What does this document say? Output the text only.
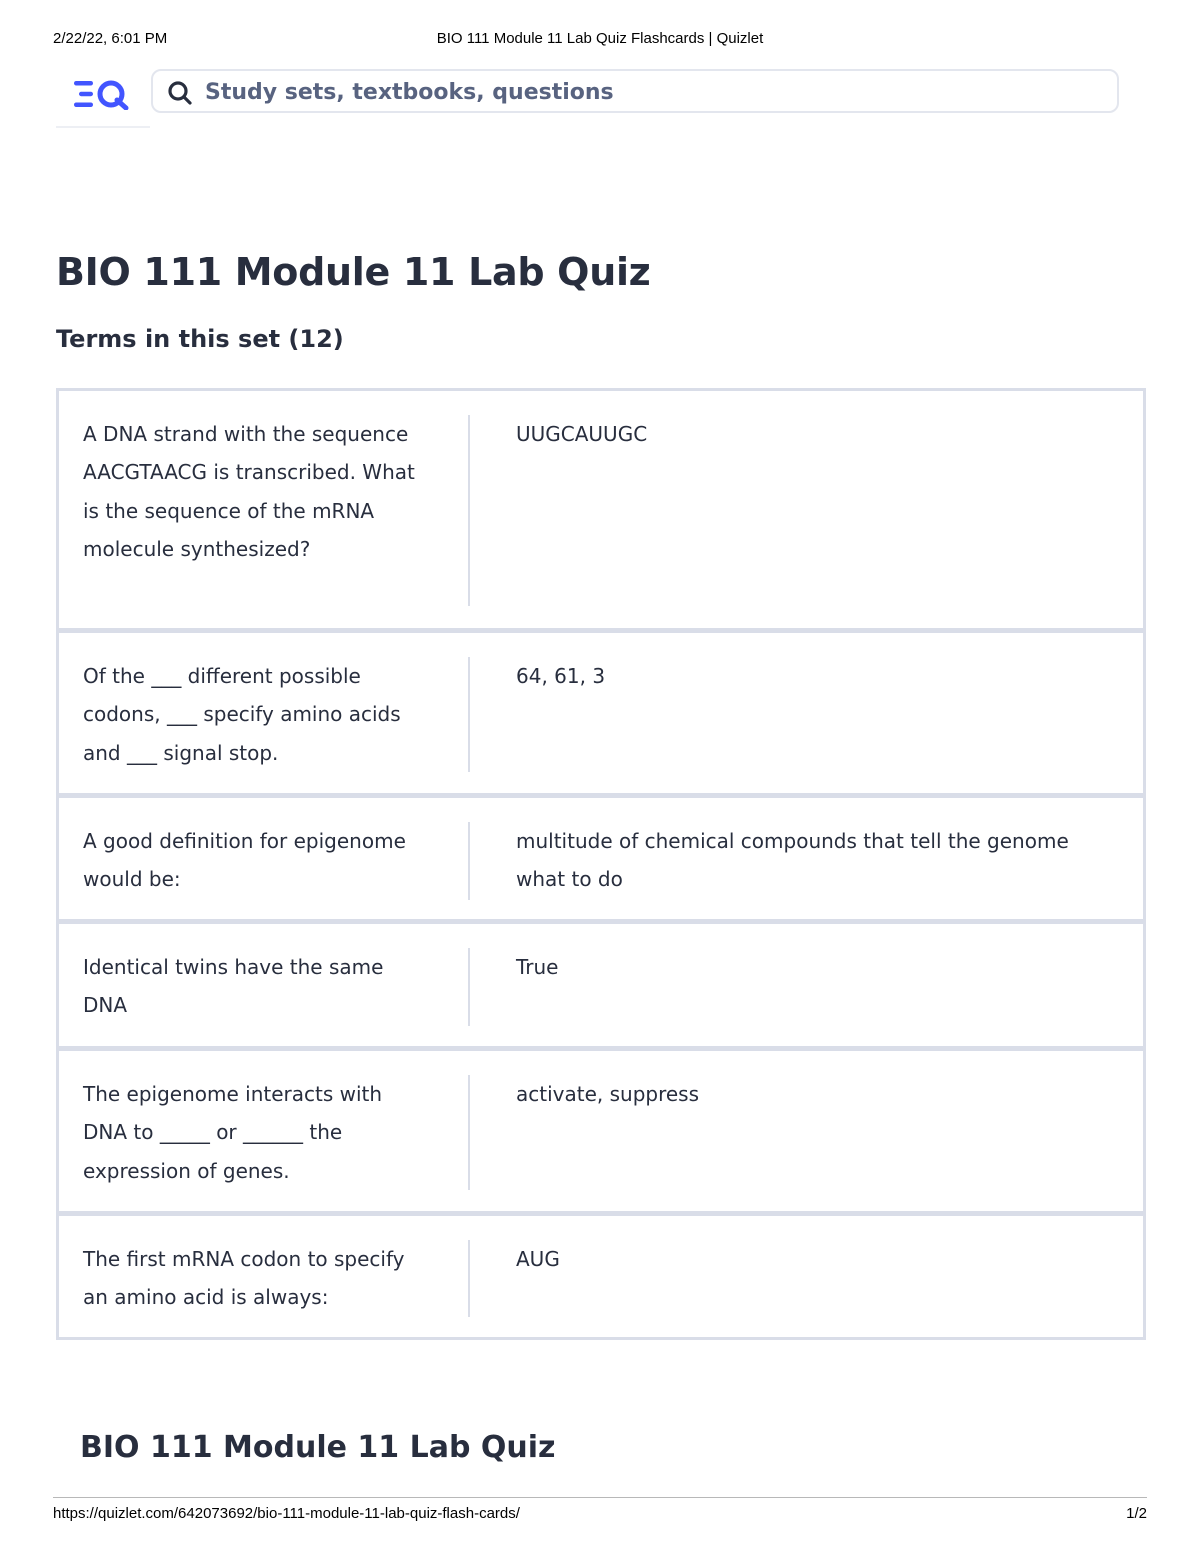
2/22/22, 6:01 PM	BIO 111 Module 11 Lab Quiz Flashcards | Quizlet
Study sets, textbooks, questions
BIO 111 Module 11 Lab Quiz
Terms in this set (12)
A DNA strand with the sequence AACGTAACG is transcribed. What is the sequence of the mRNA molecule synthesized?
UUGCAUUGC
Of the ___ different possible codons, ___ specify amino acids and ___ signal stop.
64, 61, 3
A good definition for epigenome would be:
multitude of chemical compounds that tell the genome what to do
Identical twins have the same DNA
True
The epigenome interacts with DNA to _____ or ______ the expression of genes.
activate, suppress
The first mRNA codon to specify an amino acid is always:
AUG
BIO 111 Module 11 Lab Quiz
https://quizlet.com/642073692/bio-111-module-11-lab-quiz-flash-cards/	1/2
